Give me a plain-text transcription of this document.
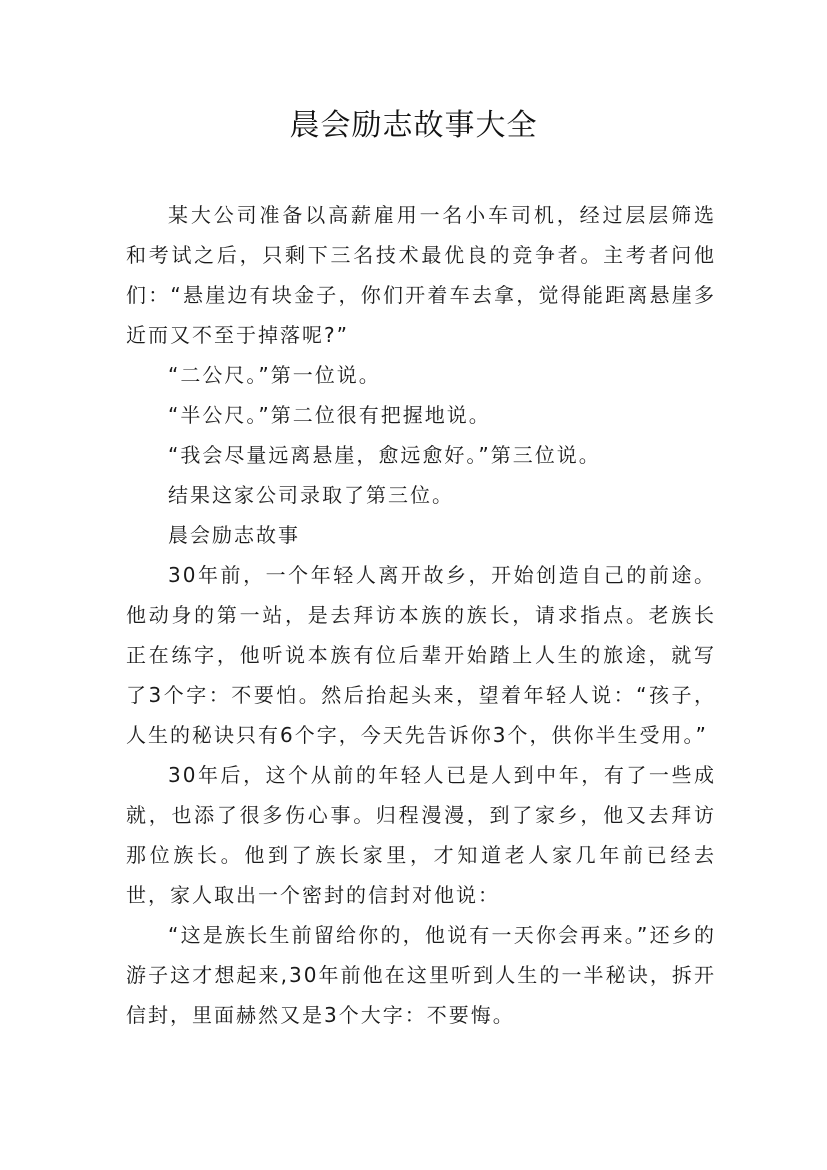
晨会励志故事大全

某大公司准备以高薪雇用一名小车司机，经过层层筛选和考试之后，只剩下三名技术最优良的竞争者。主考者问他们：“悬崖边有块金子，你们开着车去拿，觉得能距离悬崖多近而又不至于掉落呢?”

“二公尺。”第一位说。

“半公尺。”第二位很有把握地说。

“我会尽量远离悬崖，愈远愈好。”第三位说。

结果这家公司录取了第三位。

晨会励志故事

30年前，一个年轻人离开故乡，开始创造自己的前途。他动身的第一站，是去拜访本族的族长，请求指点。老族长正在练字，他听说本族有位后辈开始踏上人生的旅途，就写了3个字：不要怕。然后抬起头来，望着年轻人说：“孩子，人生的秘诀只有6个字，今天先告诉你3个，供你半生受用。”

30年后，这个从前的年轻人已是人到中年，有了一些成就，也添了很多伤心事。归程漫漫，到了家乡，他又去拜访那位族长。他到了族长家里，才知道老人家几年前已经去世，家人取出一个密封的信封对他说：

“这是族长生前留给你的，他说有一天你会再来。”还乡的游子这才想起来,30年前他在这里听到人生的一半秘诀，拆开信封，里面赫然又是3个大字：不要悔。
